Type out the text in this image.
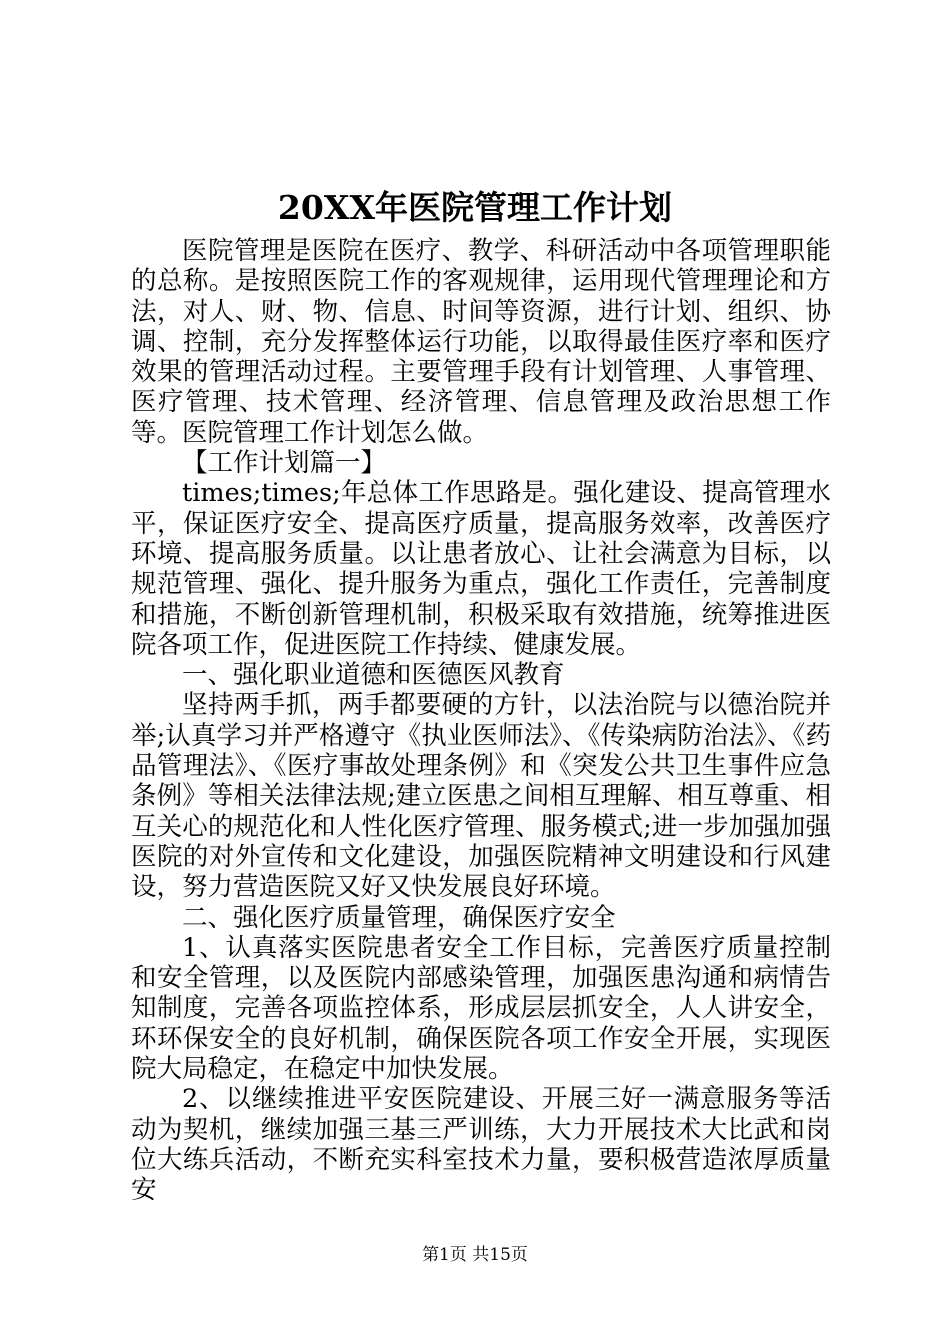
20XX年医院管理工作计划

医院管理是医院在医疗、教学、科研活动中各项管理职能的总称。是按照医院工作的客观规律，运用现代管理理论和方法，对人、财、物、信息、时间等资源，进行计划、组织、协调、控制，充分发挥整体运行功能，以取得最佳医疗率和医疗效果的管理活动过程。主要管理手段有计划管理、人事管理、医疗管理、技术管理、经济管理、信息管理及政治思想工作等。医院管理工作计划怎么做。

【工作计划篇一】

times;times;年总体工作思路是。强化建设、提高管理水平，保证医疗安全、提高医疗质量，提高服务效率，改善医疗环境、提高服务质量。以让患者放心、让社会满意为目标，以规范管理、强化、提升服务为重点，强化工作责任，完善制度和措施，不断创新管理机制，积极采取有效措施，统筹推进医院各项工作，促进医院工作持续、健康发展。

一、强化职业道德和医德医风教育

坚持两手抓，两手都要硬的方针，以法治院与以德治院并举;认真学习并严格遵守《执业医师法》、《传染病防治法》、《药品管理法》、《医疗事故处理条例》和《突发公共卫生事件应急条例》等相关法律法规;建立医患之间相互理解、相互尊重、相互关心的规范化和人性化医疗管理、服务模式;进一步加强加强医院的对外宣传和文化建设，加强医院精神文明建设和行风建设，努力营造医院又好又快发展良好环境。

二、强化医疗质量管理，确保医疗安全

1、认真落实医院患者安全工作目标，完善医疗质量控制和安全管理，以及医院内部感染管理，加强医患沟通和病情告知制度，完善各项监控体系，形成层层抓安全，人人讲安全，环环保安全的良好机制，确保医院各项工作安全开展，实现医院大局稳定，在稳定中加快发展。

2、以继续推进平安医院建设、开展三好一满意服务等活动为契机，继续加强三基三严训练，大力开展技术大比武和岗位大练兵活动，不断充实科室技术力量，要积极营造浓厚质量安

第1页 共15页
